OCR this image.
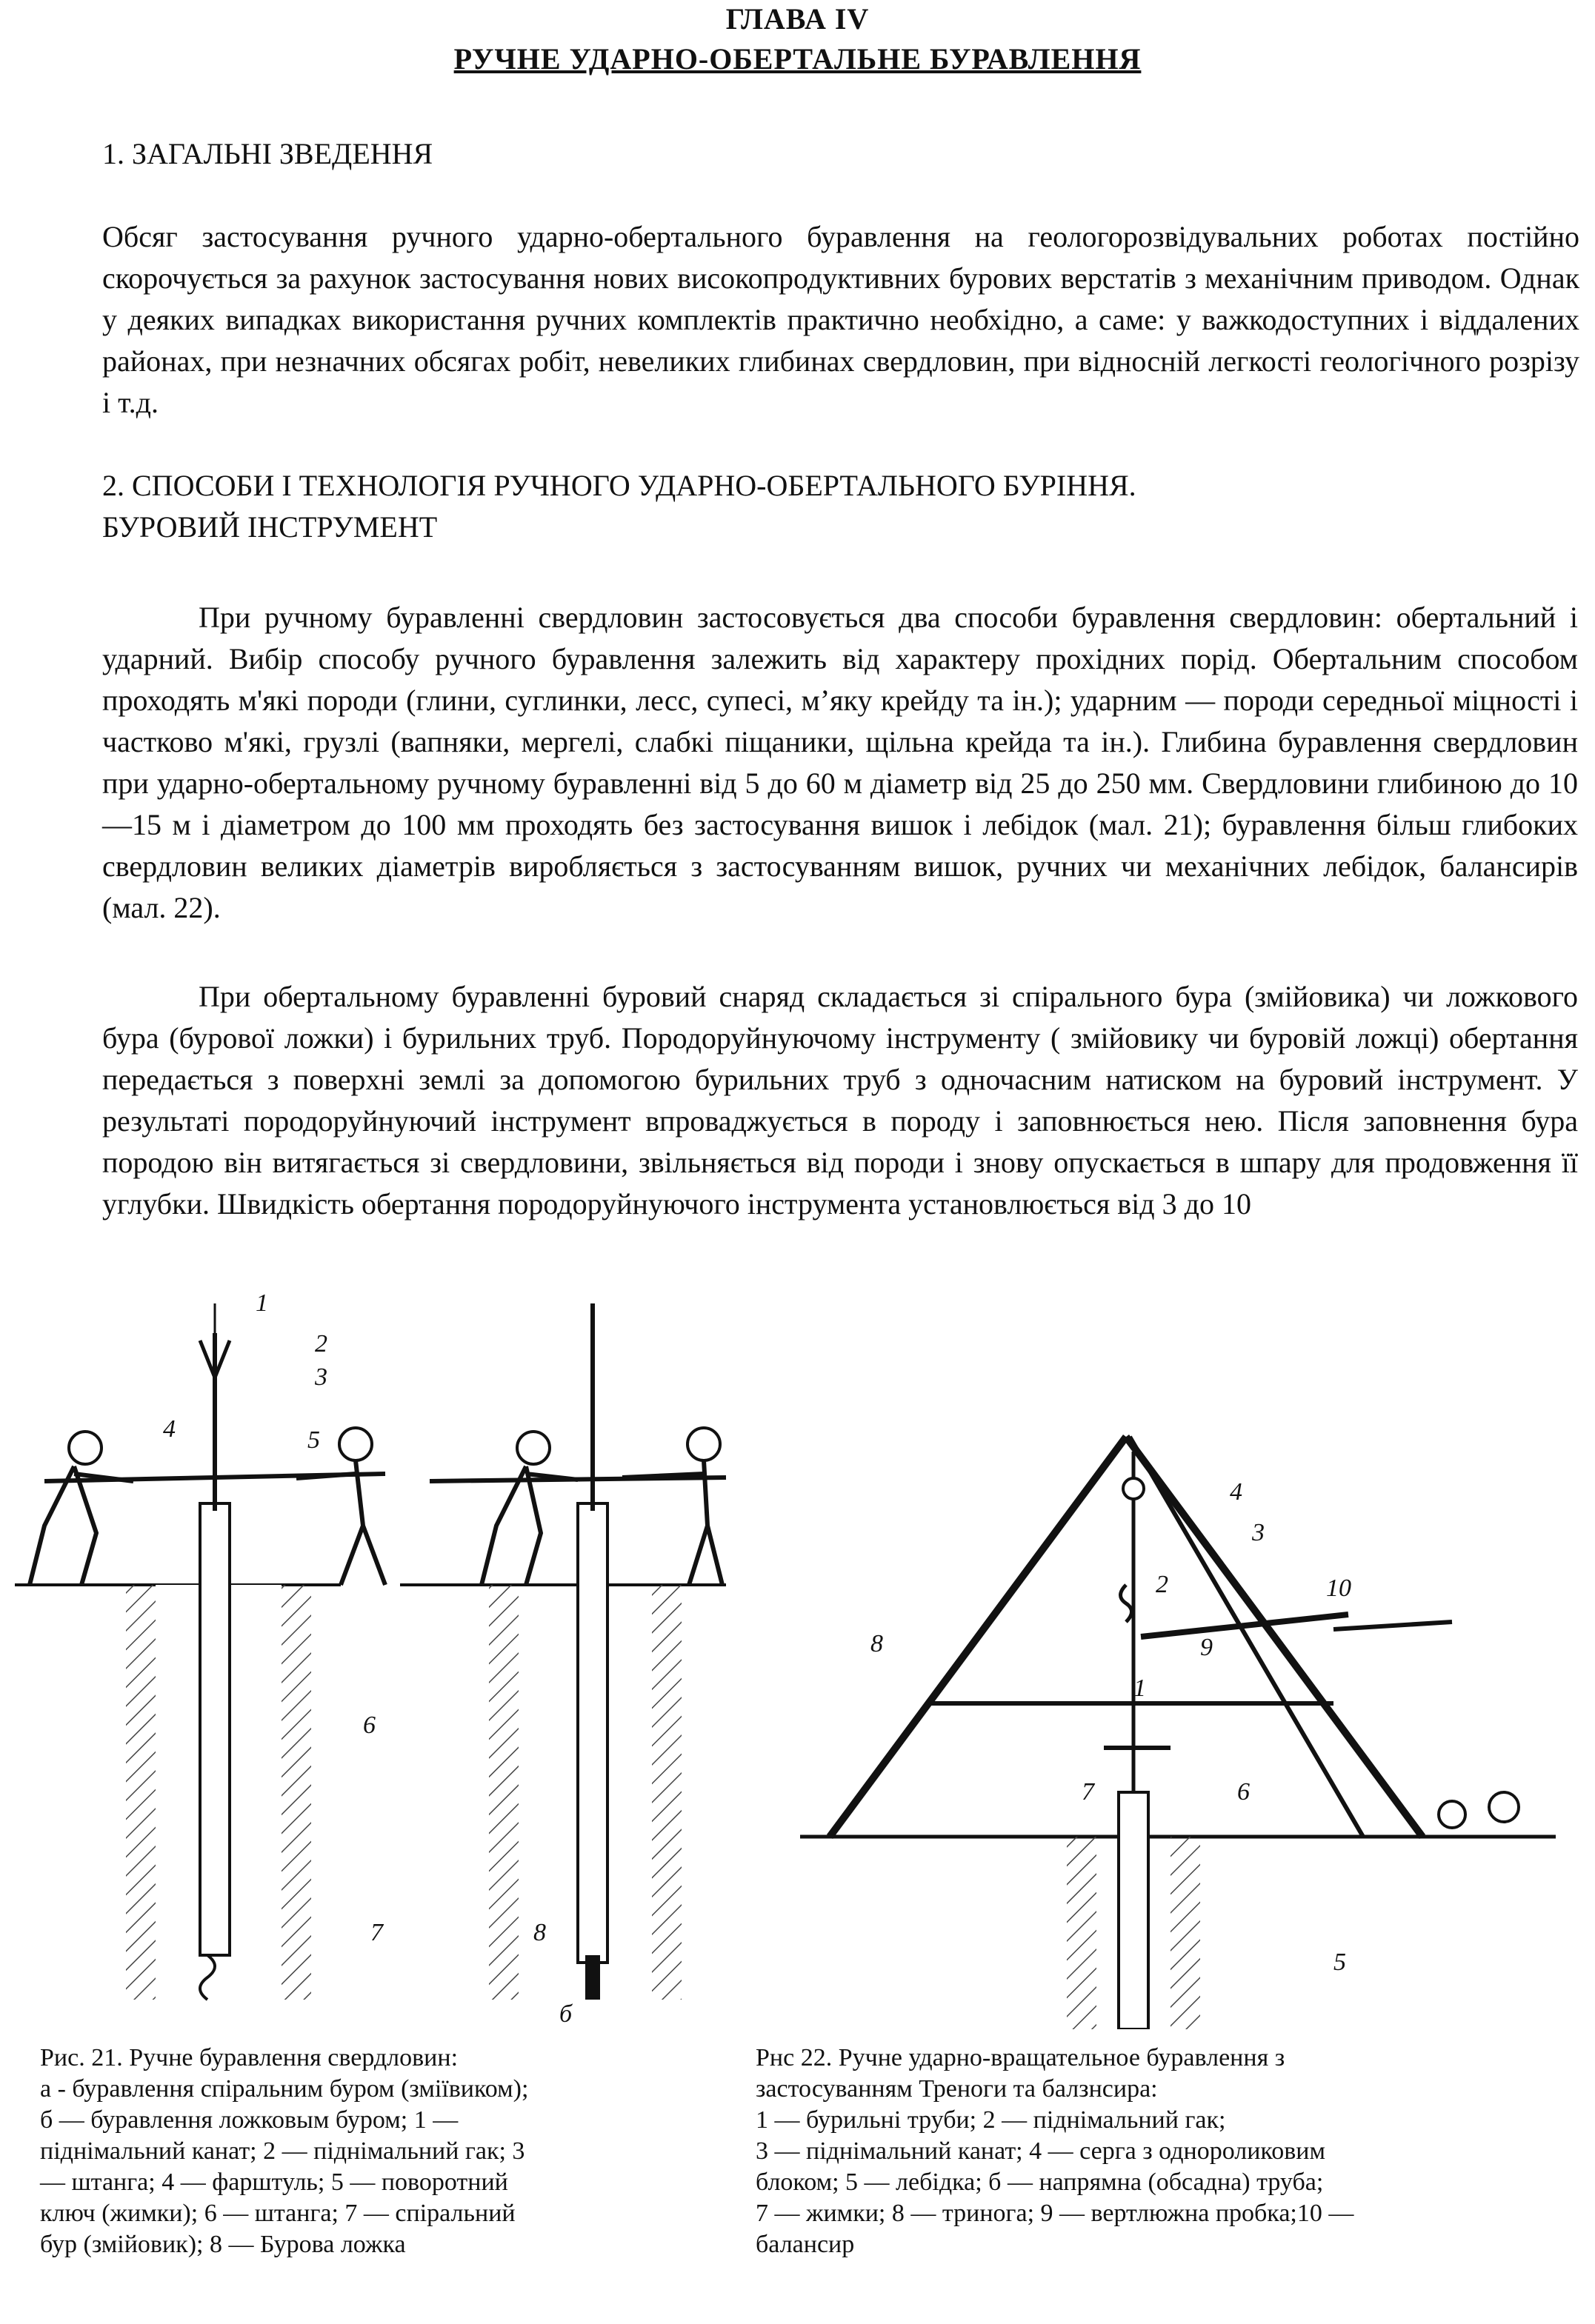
ГЛАВА IV
РУЧНЕ УДАРНО-ОБЕРТАЛЬНЕ БУРАВЛЕННЯ
1. ЗАГАЛЬНІ ЗВЕДЕННЯ
Обсяг застосування ручного ударно-обертального буравлення на геологорозвідувальних роботах постійно скорочується за рахунок застосування нових високопродуктивних бурових верстатів з механічним приводом. Однак у деяких випадках використання ручних комплектів практично необхідно, а саме: у важкодоступних і віддалених районах, при незначних обсягах робіт, невеликих глибинах свердловин, при відносній легкості геологічного розрізу і т.д.
2. СПОСОБИ І ТЕХНОЛОГІЯ РУЧНОГО УДАРНО-ОБЕРТАЛЬНОГО БУРІННЯ.
БУРОВИЙ ІНСТРУМЕНТ
При ручному буравленні свердловин застосовується два способи буравлення свердловин: обертальний і ударний. Вибір способу ручного буравлення залежить від характеру прохідних порід. Обертальним способом проходять м'які породи (глини, суглинки, лесс, супесі, м’яку крейду та ін.); ударним — породи середньої міцності і частково м'які, грузлі (вапняки, мергелі, слабкі піщаники, щільна крейда та ін.). Глибина буравлення свердловин при ударно-обертальному ручному буравленні від 5 до 60 м діаметр від 25 до 250 мм. Свердловини глибиною до 10—15 м і діаметром до 100 мм проходять без застосування вишок і лебідок (мал. 21); буравлення більш глибоких свердловин великих діаметрів виробляється з застосуванням вишок, ручних чи механічних лебідок, балансирів (мал. 22).
При обертальному буравленні буровий снаряд складається зі спірального бура (змійовика) чи ложкового бура (бурової ложки) і бурильних труб. Породоруйнуючому інструменту ( змійовику чи буровій ложці) обертання передається з поверхні землі за допомогою бурильних труб з одночасним натиском на буровий інструмент. У результаті породоруйнуючий інструмент впроваджується в породу і заповнюється нею. Після заповнення бура породою він витягається зі свердловини, звільняється від породи і знову опускається в шпару для продовження її углубки. Швидкість обертання породоруйнуючого інструмента установлюється від 3 до 10
1
2
3
4	5
6
7	8
б
1
2
3
4
5
6
7
8	9
10
Рис. 21. Ручне буравлення свердловин:
а - буравлення спіральним буром (зміївиком);
б — буравлення ложковым буром; 1 —
піднімальний канат; 2 — піднімальний гак; 3
— штанга; 4 — фарштуль; 5 — поворотний
ключ (жимки); 6 — штанга; 7 — спіральний
бур (змійовик); 8 — Бурова ложка
Рнс 22. Ручне ударно-вращательное буравлення з
застосуванням Треноги та балзнсира:
1 — бурильні труби; 2 — піднімальний гак;
3 — піднімальний канат; 4 — серга з однороликовим
блоком; 5 — лебідка; б — напрямна (обсадна) труба;
7 — жимки; 8 — тринога; 9 — вертлюжна пробка;10 —
балансир
